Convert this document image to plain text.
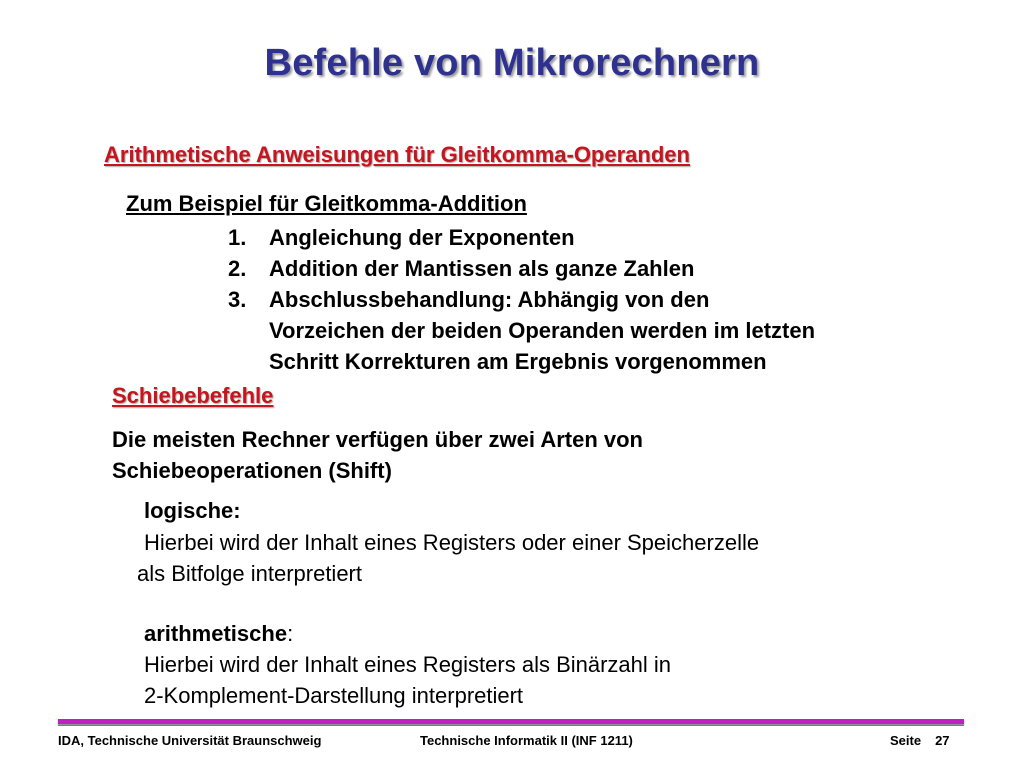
Befehle von Mikrorechnern
Arithmetische Anweisungen für Gleitkomma-Operanden
Zum Beispiel für Gleitkomma-Addition
1. Angleichung der Exponenten
2. Addition der Mantissen als ganze Zahlen
3. Abschlussbehandlung: Abhängig von den
Vorzeichen der beiden Operanden werden im letzten
Schritt Korrekturen am Ergebnis vorgenommen
Schiebebefehle
Die meisten Rechner verfügen über zwei Arten von
Schiebeoperationen (Shift)
logische:
Hierbei wird der Inhalt eines Registers oder einer Speicherzelle
als Bitfolge interpretiert
arithmetische:
Hierbei wird der Inhalt eines Registers als Binärzahl in
2-Komplement-Darstellung interpretiert
IDA, Technische Universität Braunschweig	Technische Informatik II (INF 1211)	Seite 27
